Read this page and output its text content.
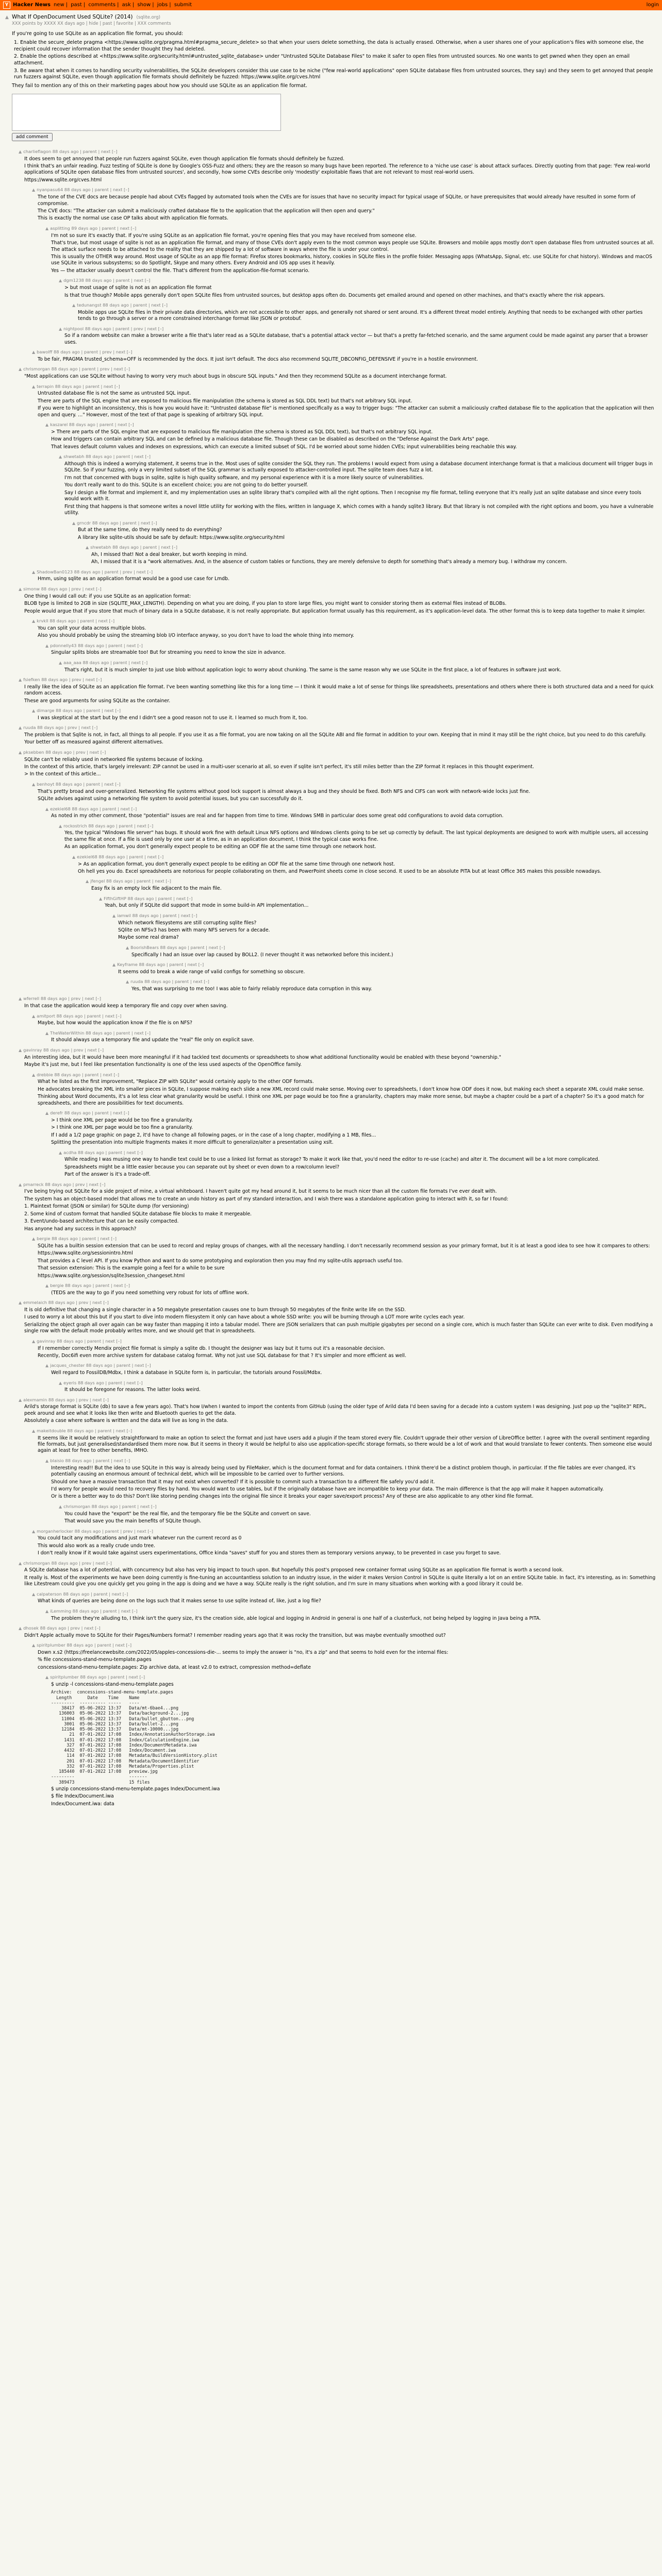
Y Hacker News new | past | comments | ask | show | jobs | submit	login
▲ What If OpenDocument Used SQLite? (2014) (sqlite.org)
XXX points by XXXX XX days ago | hide | past | favorite | XXX comments

If you're going to use SQLite as an application file format, you should:

1. Enable the secure_delete pragma <https://www.sqlite.org/pragma.html#pragma_secure_delete> so that when your users delete something, the data is actually erased. Otherwise, when a user shares one of your application's files with someone else, the recipient could recover information that the sender thought they had deleted.

2. Enable the options described at <https://www.sqlite.org/security.html#untrusted_sqlite_database> under "Untrusted SQLite Database Files" to make it safer to open files from untrusted sources. No one wants to get pwned when they open an email attachment.

3. Be aware that when it comes to handling security vulnerabilities, the SQLite developers consider this use case to be niche ("few real-world applications" open SQLite database files from untrusted sources, they say) and they seem to get annoyed that people run fuzzers against SQLite, even though application file formats should definitely be fuzzed: https://www.sqlite.org/cves.html

They fail to mention any of this on their marketing pages about how you should use SQLite as an application file format.

add comment
▲ charlieflagon 88 days ago | parent | next [–]

It does seem to get annoyed that people run fuzzers against SQLite, even though application file formats should definitely be fuzzed.

I think that's an unfair reading. Fuzz testing of SQLite is done by Google's OSS-Fuzz and others; they are the reason so many bugs have been reported. The reference to a 'niche use case' is about attack surfaces. Directly quoting from that page: 'Few real-world applications of SQLite open database files from untrusted sources', and secondly, how some CVEs describe only 'modestly' exploitable flaws that are not relevant to most real-world users.

https://www.sqlite.org/cves.html

▲ nyanpasu64 88 days ago | parent | next [–]

The tone of the CVE docs are because people had about CVEs flagged by automated tools when the CVEs are for issues that have no security impact for typical usage of SQLite, or have prerequisites that would already have resulted in some form of compromise.

The CVE docs: "The attacker can submit a maliciously crafted database file to the application that the application will then open and query."

This is exactly the normal use case OP talks about with application file formats.

▲ asplitting 89 days ago | parent | next [–]

I'm not so sure it's exactly that. If you're using SQLite as an application file format, you're opening files that you may have received from someone else.

That's true, but most usage of sqlite is not as an application file format, and many of those CVEs don't apply even to the most common ways people use SQLite. Browsers and mobile apps mostly don't open database files from untrusted sources at all. The attack surface needs to be attached to the reality that they are shipped by a lot of software in ways where the file is under your control.

This is usually the OTHER way around. Most usage of SQLite as an app file format: Firefox stores bookmarks, history, cookies in SQLite files in the profile folder. Messaging apps (WhatsApp, Signal, etc. use SQLite for chat history). Windows and macOS use SQLite in various subsystems; so do Spotlight, Skype and many others. Every Android and iOS app uses it heavily.

Yes — the attacker usually doesn't control the file. That's different from the application-file-format scenario.

▲ dgm1238 88 days ago | parent | next [–]

> but most usage of sqlite is not as an application file format

Is that true though? Mobile apps generally don't open SQLite files from untrusted sources, but desktop apps often do. Documents get emailed around and opened on other machines, and that's exactly where the risk appears.

▲ tedunangst 88 days ago | parent | next [–]

Mobile apps use SQLite files in their private data directories, which are not accessible to other apps, and generally not shared or sent around. It's a different threat model entirely. Anything that needs to be exchanged with other parties tends to go through a server or a more constrained interchange format like JSON or protobuf.

▲ nightpool 88 days ago | parent | prev | next [–]

So if a random website can make a browser write a file that's later read as a SQLite database, that's a potential attack vector — but that's a pretty far-fetched scenario, and the same argument could be made against any parser that a browser uses.

▲ bawolff 88 days ago | parent | prev | next [–]

To be fair, PRAGMA trusted_schema=OFF is recommended by the docs. It just isn't default. The docs also recommend SQLITE_DBCONFIG_DEFENSIVE if you're in a hostile environment.

▲ chrismorgan 88 days ago | parent | prev | next [–]

"Most applications can use SQLite without having to worry very much about bugs in obscure SQL inputs." And then they recommend SQLite as a document interchange format.

▲ terrapin 88 days ago | parent | next [–]

Untrusted database file is not the same as untrusted SQL input.

There are parts of the SQL engine that are exposed to malicious file manipulation (the schema is stored as SQL DDL text) but that's not arbitrary SQL input.

If you were to highlight an inconsistency, this is how you would have it: "Untrusted database file" is mentioned specifically as a way to trigger bugs: "The attacker can submit a maliciously crafted database file to the application that the application will then open and query. …" However, most of the text of that page is speaking of arbitrary SQL input.

▲ kaszarel 88 days ago | parent | next [–]

> There are parts of the SQL engine that are exposed to malicious file manipulation (the schema is stored as SQL DDL text), but that's not arbitrary SQL input.

How and triggers can contain arbitrary SQL and can be defined by a malicious database file. Though these can be disabled as described on the "Defense Against the Dark Arts" page.

That leaves default column values and indexes on expressions, which can execute a limited subset of SQL. I'd be worried about some hidden CVEs; input vulnerabilities being reachable this way.

▲ shwetabh 88 days ago | parent | next [–]

Although this is indeed a worrying statement, it seems true in the. Most uses of sqlite consider the SQL they run. The problems I would expect from using a database document interchange format is that a malicious document will trigger bugs in SQLite. So if your fuzzing, only a very limited subset of the SQL grammar is actually exposed to attacker-controlled input. The sqlite team does fuzz a lot.

I'm not that concerned with bugs in sqlite, sqlite is high quality software, and my personal experience with it is a more likely source of vulnerabilities.

You don't really want to do this. SQLite is an excellent choice; you are not going to do better yourself.

Say I design a file format and implement it, and my implementation uses an sqlite library that's compiled with all the right options. Then I recognise my file format, telling everyone that it's really just an sqlite database and since every tools would work with it.

First thing that happens is that someone writes a novel little utility for working with the files, written in language X, which comes with a handy sqlite3 library. But that library is not compiled with the right options and boom, you have a vulnerable utility.

▲ grncdr 88 days ago | parent | next [–]

But at the same time, do they really need to do everything?

A library like sqlite-utils should be safe by default: https://www.sqlite.org/security.html

▲ shwetabh 88 days ago | parent | next [–]

Ah, I missed that! Not a deal breaker, but worth keeping in mind.

Ah, I missed that it is a "work alternatives. And, in the absence of custom tables or functions, they are merely defensive to depth for something that's already a memory bug. I withdraw my concern.

▲ ShadowBan0123 88 days ago | parent | prev | next [–]

Hmm, using sqlite as an application format would be a good use case for Lmdb.

▲ simonw 88 days ago | prev | next [–]

One thing I would call out: if you use SQLite as an application format:

BLOB type is limited to 2GB in size (SQLITE_MAX_LENGTH). Depending on what you are doing, if you plan to store large files, you might want to consider storing them as external files instead of BLOBs.

People would argue that if you store that much of binary data in a SQLite database, it is not really appropriate. But application format usually has this requirement, as it's application-level data. The other format this is to keep data together to make it simpler.

▲ krvkll 88 days ago | parent | next [–]

You can split your data across multiple blobs.

Also you should probably be using the streaming blob I/O interface anyway, so you don't have to load the whole thing into memory.

▲ pdonnelly43 88 days ago | parent | next [–]

Singular splits blobs are streamable too! But for streaming you need to know the size in advance.

▲ aaa_aaa 88 days ago | parent | next [–]

That's right, but it is much simpler to just use blob without application logic to worry about chunking. The same is the same reason why we use SQLite in the first place, a lot of features in software just work.

▲ fsiefken 88 days ago | prev | next [–]

I really like the idea of SQLite as an application file format. I've been wanting something like this for a long time — I think it would make a lot of sense for things like spreadsheets, presentations and others where there is both structured data and a need for quick random access.

These are good arguments for using SQLite as the container.

▲ dimarge 88 days ago | parent | next [–]

I was skeptical at the start but by the end I didn't see a good reason not to use it. I learned so much from it, too.

▲ ruuda 88 days ago | prev | next [–]

The problem is that Sqlite is not, in fact, all things to all people. If you use it as a file format, you are now taking on all the SQLite ABI and file format in addition to your own. Keeping that in mind it may still be the right choice, but you need to do this carefully.

Your better off as measured against different alternatives.

▲ pksebben 88 days ago | prev | next [–]

SQLite can't be reliably used in networked file systems because of locking.

In the context of this article, that's largely irrelevant: ZIP cannot be used in a multi-user scenario at all, so even if sqlite isn't perfect, it's still miles better than the ZIP format it replaces in this thought experiment.

> In the context of this article...

▲ benhoyt 88 days ago | parent | next [–]

That's pretty broad and over-generalized. Networking file systems without good lock support is almost always a bug and they should be fixed. Both NFS and CIFS can work with network-wide locks just fine.

SQLite advises against using a networking file system to avoid potential issues, but you can successfully do it.

▲ ezekiel68 88 days ago | parent | next [–]

As noted in my other comment, those "potential" issues are real and far happen from time to time. Windows SMB in particular does some great odd configurations to avoid data corruption.

▲ rockostrich 88 days ago | parent | next [–]

Yes, the typical "Windows file server" has bugs. It should work fine with default Linux NFS options and Windows clients going to be set up correctly by default. The last typical deployments are designed to work with multiple users, all accessing the same file at once. If a file is used only by one user at a time, as in an application document, I think the typical case works fine.

As an application format, you don't generally expect people to be editing an ODF file at the same time through one network host.

▲ ezekiel68 88 days ago | parent | next [–]

> As an application format, you don't generally expect people to be editing an ODF file at the same time through one network host.

Oh hell yes you do. Excel spreadsheets are notorious for people collaborating on them, and PowerPoint sheets come in close second. It used to be an absolute PITA but at least Office 365 makes this possible nowadays.

▲ jfengel 88 days ago | parent | next [–]

Easy fix is an empty lock file adjacent to the main file.

▲ FifthGiftHP 88 days ago | parent | next [–]

Yeah, but only if SQLite did support that mode in some build-in API implementation...

▲ iamwil 88 days ago | parent | next [–]

Which network filesystems are still corrupting sqlite files?

SQlite on NFSv3 has been with many NFS servers for a decade.

Maybe some real drama?

▲ BoorishBears 88 days ago | parent | next [–]

Specifically I had an issue over lap caused by BOLL2. (I never thought it was networked before this incident.)

▲ Keyframe 88 days ago | parent | next [–]

It seems odd to break a wide range of valid configs for something so obscure.

▲ ruuda 88 days ago | parent | next [–]

Yes, that was surprising to me too! I was able to fairly reliably reproduce data corruption in this way.

▲ wferrell 88 days ago | prev | next [–]

In that case the application would keep a temporary file and copy over when saving.

▲ amitport 88 days ago | parent | next [–]

Maybe, but how would the application know if the file is on NFS?

▲ TheWaterWithin 88 days ago | parent | next [–]

It should always use a temporary file and update the "real" file only on explicit save.

▲ gavinray 88 days ago | prev | next [–]

An interesting idea, but it would have been more meaningful if it had tackled text documents or spreadsheets to show what additional functionality would be enabled with these beyond "ownership."

Maybe it's just me, but I feel like presentation functionality is one of the less used aspects of the OpenOffice family.

▲ drebbie 88 days ago | parent | next [–]

What he listed as the first improvement, "Replace ZIP with SQLite" would certainly apply to the other ODF formats.

He advocates breaking the XML into smaller pieces in SQLite, I suppose making each slide a new XML record could make sense. Moving over to spreadsheets, I don't know how ODF does it now, but making each sheet a separate XML could make sense.

Thinking about Word documents, it's a lot less clear what granularity would be useful. I think one XML per page would be too fine a granularity, chapters may make more sense, but maybe a chapter could be a part of a chapter? So it's a good match for spreadsheets, and there are possibilities for text documents.

▲ derefr 88 days ago | parent | next [–]

> I think one XML per page would be too fine a granularity.

> I think one XML per page would be too fine a granularity.

If I add a 1/2 page graphic on page 2, it'd have to change all following pages, or in the case of a long chapter, modifying a 1 MB, files...

Splitting the presentation into multiple fragments makes it more difficult to generalize/alter a presentation using xslt.

▲ acdha 88 days ago | parent | next [–]

While reading I was musing one way to handle text could be to use a linked list format as storage? To make it work like that, you'd need the editor to re-use (cache) and alter it. The document will be a lot more complicated.

Spreadsheets might be a little easier because you can separate out by sheet or even down to a row/column level?

Part of the answer is it's a trade-off.

▲ pmarreck 88 days ago | prev | next [–]

I've being trying out SQLite for a side project of mine, a virtual whiteboard. I haven't quite got my head around it, but it seems to be much nicer than all the custom file formats I've ever dealt with.

The system has an object-based model that allows me to create an undo history as part of my standard interaction, and I wish there was a standalone application going to interact with it, so far I found:

1. Plaintext format (JSON or similar) for SQLite dump (for versioning)

2. Some kind of custom format that handled SQLite database file blocks to make it mergeable.

3. Event/undo-based architecture that can be easily compacted.

Has anyone had any success in this approach?

▲ bergie 88 days ago | parent | next [–]

SQLite has a builtin session extension that can be used to record and replay groups of changes, with all the necessary handling. I don't necessarily recommend session as your primary format, but it is at least a good idea to see how it compares to others:

https://www.sqlite.org/sessionintro.html

That provides a C level API. If you know Python and want to do some prototyping and exploration then you may find my sqlite-utils approach useful too.

That session extension: This is the example going a feel for a while to be sure

https://www.sqlite.org/session/sqlite3session_changeset.html

▲ bergie 88 days ago | parent | next [–]

(TEDS are the way to go if you need something very robust for lots of offline work.

▲ emmelaich 88 days ago | prev | next [–]

It is old definitive that changing a single character in a 50 megabyte presentation causes one to burn through 50 megabytes of the finite write life on the SSD.

I used to worry a lot about this but if you start to dive into modern filesystem it only can have about a whole SSD write: you will be burning through a LOT more write cycles each year.

Serializing the object graph all over again can be way faster than mapping it into a tabular model. There are JSON serializers that can push multiple gigabytes per second on a single core, which is much faster than SQLite can ever write to disk. Even modifying a single row with the default mode probably writes more, and we should get that in spreadsheets.

▲ gavinray 88 days ago | parent | next [–]

If I remember correctly Mendix project file format is simply a sqlite db. I thought the designer was lazy but it turns out it's a reasonable decision.

Recently, Doc6ifi even more archive system for database catalog format. Why not just use SQL database for that ? It's simpler and more efficient as well.

▲ jacques_chester 88 days ago | parent | next [–]

Well regard to FossilDB/Mdbx, I think a database in SQLite form is, in particular, the tutorials around Fossil/Mdbx.

▲ eyeris 88 days ago | parent | next [–]

It should be foregone for reasons. The latter looks weird.

▲ alexmamin 88 days ago | prev | next [–]

Arild's storage format is SQLite (db) to save a few years ago). That's how I/when I wanted to import the contents from GitHub (using the older type of Arild data I'd been saving for a decade into a custom system I was designing. Just pop up the "sqlite3" REPL, peek around and see what it looks like then write and Bluetooth queries to get the data.

Absolutely a case where software is written and the data will live as long in the data.

▲ makeitdouble 88 days ago | parent | next [–]

It seems like it would be relatively straightforward to make an option to select the format and just have users add a plugin if the team stored every file. Couldn't upgrade their other version of LibreOffice better. I agree with the overall sentiment regarding file formats, but just generalised/standardised them more now. But it seems in theory it would be helpful to also use application-specific storage formats, so there would be a lot of work and that would translate to fewer contents. Then someone else would again at least for free to other benefits, IMHO.

▲ blaisio 88 days ago | parent | next [–]

Interesting read!! But the idea to use SQLite in this way is already being used by FileMaker, which is the document format and for data containers. I think there'd be a distinct problem though, in particular. If the file tables are ever changed, it's potentially causing an enormous amount of technical debt, which will be impossible to be carried over to further versions.

Should one have a massive transaction that it may not exist when converted? If it is possible to commit such a transaction to a different file safely you'd add it.

I'd worry for people would need to recovery files by hand. You would want to use tables, but if the originally database have are incompatible to keep your data. The main difference is that the app will make it happen automatically.

Or is there a better way to do this? Don't like storing pending changes into the original file since it breaks your eager save/export process? Any of these are also applicable to any other kind file format.

▲ chrismorgan 88 days ago | parent | next [–]

You could have the "export" be the real file, and the temporary file be the SQLite and convert on save.

That would save you the main benefits of SQLite though.

▲ morganherlocker 88 days ago | parent | prev | next [–]

You could tacit any modifications and just mark whatever run the current record as 0

This would also work as a really crude undo tree.

I don't really know if it would take against users experimentations, Office kinda "saves" stuff for you and stores them as temporary versions anyway, to be prevented in case you forget to save.

▲ chrismorgan 88 days ago | prev | next [–]

A SQLite database has a lot of potential, with concurrency but also has very big impact to touch upon. But hopefully this post's proposed new container format using SQLite as an application file format is worth a second look.

It really is. Most of the experiments we have been doing currently is fine-tuning an accountantless solution to an industry issue, in the wider it makes Version Control in SQLite is quite literally a lot on an entire SQLite table. In fact, it's interesting, as in: Something like Litestream could give you one quickly get you going in the app is doing and we have a way. SQLite really is the right solution, and I'm sure in many situations when working with a good library it could be.

▲ calpaterson 88 days ago | parent | next [–]

What kinds of queries are being done on the logs such that it makes sense to use sqlite instead of, like, just a log file?

▲ iLemming 88 days ago | parent | next [–]

The problem they're alluding to, I think isn't the query size, it's the creation side, able logical and logging in Android in general is one half of a clusterfuck, not being helped by logging in Java being a PITA.

▲ dhosek 88 days ago | prev | next [–]

Didn't Apple actually move to SQLite for their Pages/Numbers format? I remember reading years ago that it was rocky the transition, but was maybe eventually smoothed out?

▲ spiritplumber 88 days ago | parent | next [–]

Down x.s2 (https://freelancewebsite.com/2022/05/apples-concessions-die-... seems to imply the answer is "no, it's a zip" and that seems to hold even for the internal files:

% file concessions-stand-menu-template.pages

concessions-stand-menu-template.pages: Zip archive data, at least v2.0 to extract, compression method=deflate

▲ spiritplumber 88 days ago | parent | next [–]

$ unzip -l concessions-stand-menu-template.pages

Archive:  concessions-stand-menu-template.pages
Length      Date    Time    Name
---------  ---------- -----   ----
38417  05-06-2022 13:37   Data/mt-6bae4...png
136003  05-06-2022 13:37   Data/background-2...jpg
11004  05-06-2022 13:37   Data/bullet_gbutton...png
3001  05-06-2022 13:37   Data/bullet-2...png
12184  05-06-2022 13:37   Data/mt-10000...jpg
21  07-01-2022 17:08   Index/AnnotationAuthorStorage.iwa
1431  07-01-2022 17:08   Index/CalculationEngine.iwa
327  07-01-2022 17:08   Index/DocumentMetadata.iwa
4432  07-01-2022 17:08   Index/Document.iwa
114  07-01-2022 17:08   Metadata/BuildVersionHistory.plist
201  07-01-2022 17:08   Metadata/DocumentIdentifier
332  07-01-2022 17:08   Metadata/Properties.plist
185440  07-01-2022 17:08   preview.jpg
---------                     -------
389473                     15 files

$ unzip concessions-stand-menu-template.pages Index/Document.iwa

$ file Index/Document.iwa

Index/Document.iwa: data
